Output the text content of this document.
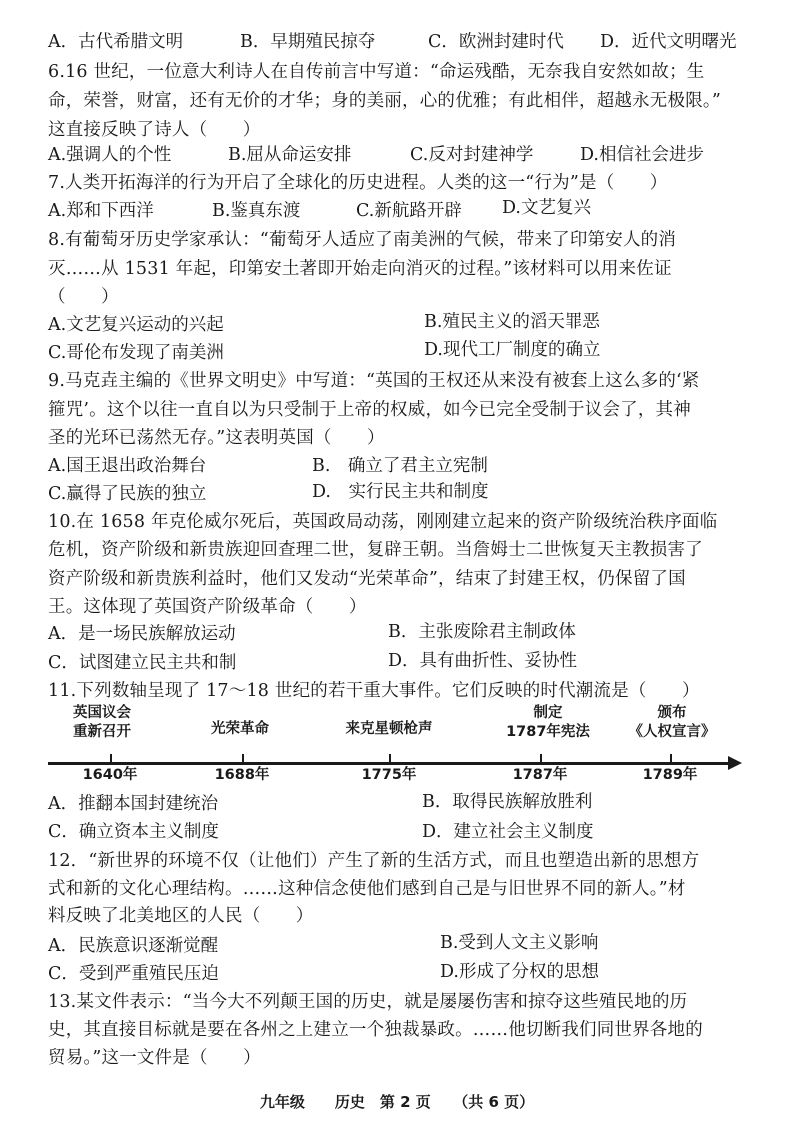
A．古代希腊文明	B．早期殖民掠夺	C．欧洲封建时代 D．近代文明曙光
6.16 世纪，一位意大利诗人在自传前言中写道：“命运残酷，无奈我自安然如故；生
命，荣誉，财富，还有无价的才华；身的美丽，心的优雅；有此相伴，超越永无极限。”
这直接反映了诗人（　　）
A.强调人的个性	B.屈从命运安排	C.反对封建神学	D.相信社会进步
7.人类开拓海洋的行为开启了全球化的历史进程。人类的这一“行为”是（　　）
A.郑和下西洋	B.鉴真东渡	C.新航路开辟 D.文艺复兴
8.有葡萄牙历史学家承认：“葡萄牙人适应了南美洲的气候，带来了印第安人的消
灭……从 1531 年起，印第安土著即开始走向消灭的过程。”该材料可以用来佐证
（　　）
A.文艺复兴运动的兴起	B.殖民主义的滔天罪恶
C.哥伦布发现了南美洲	D.现代工厂制度的确立
9.马克垚主编的《世界文明史》中写道：“英国的王权还从来没有被套上这么多的‘紧
箍咒’。这个以往一直自以为只受制于上帝的权威，如今已完全受制于议会了，其神
圣的光环已荡然无存。”这表明英国（　　）
A.国王退出政治舞台	B.　确立了君主立宪制
C.赢得了民族的独立	D.　实行民主共和制度
10.在 1658 年克伦威尔死后，英国政局动荡，刚刚建立起来的资产阶级统治秩序面临
危机，资产阶级和新贵族迎回查理二世，复辟王朝。当詹姆士二世恢复天主教损害了
资产阶级和新贵族利益时，他们又发动“光荣革命”，结束了封建王权，仍保留了国
王。这体现了英国资产阶级革命（　　）
A．是一场民族解放运动	B．主张废除君主制政体
C．试图建立民主共和制	D．具有曲折性、妥协性
11.下列数轴呈现了 17～18 世纪的若干重大事件。它们反映的时代潮流是（　　）
英国议会
重新召开	光荣革命	来克星顿枪声
制定
1787年宪法
颁布
《人权宣言》
1640年	1688年	1775年	1787年	1789年
A．推翻本国封建统治	B．取得民族解放胜利
C．确立资本主义制度	D．建立社会主义制度
12．“新世界的环境不仅（让他们）产生了新的生活方式，而且也塑造出新的思想方
式和新的文化心理结构。……这种信念使他们感到自己是与旧世界不同的新人。”材
料反映了北美地区的人民（　　）
A．民族意识逐渐觉醒	B.受到人文主义影响
C．受到严重殖民压迫	D.形成了分权的思想
13.某文件表示：“当今大不列颠王国的历史，就是屡屡伤害和掠夺这些殖民地的历
史，其直接目标就是要在各州之上建立一个独裁暴政。……他切断我们同世界各地的
贸易。”这一文件是（　　）
九年级　　历史　第 2 页　　（共 6 页）
